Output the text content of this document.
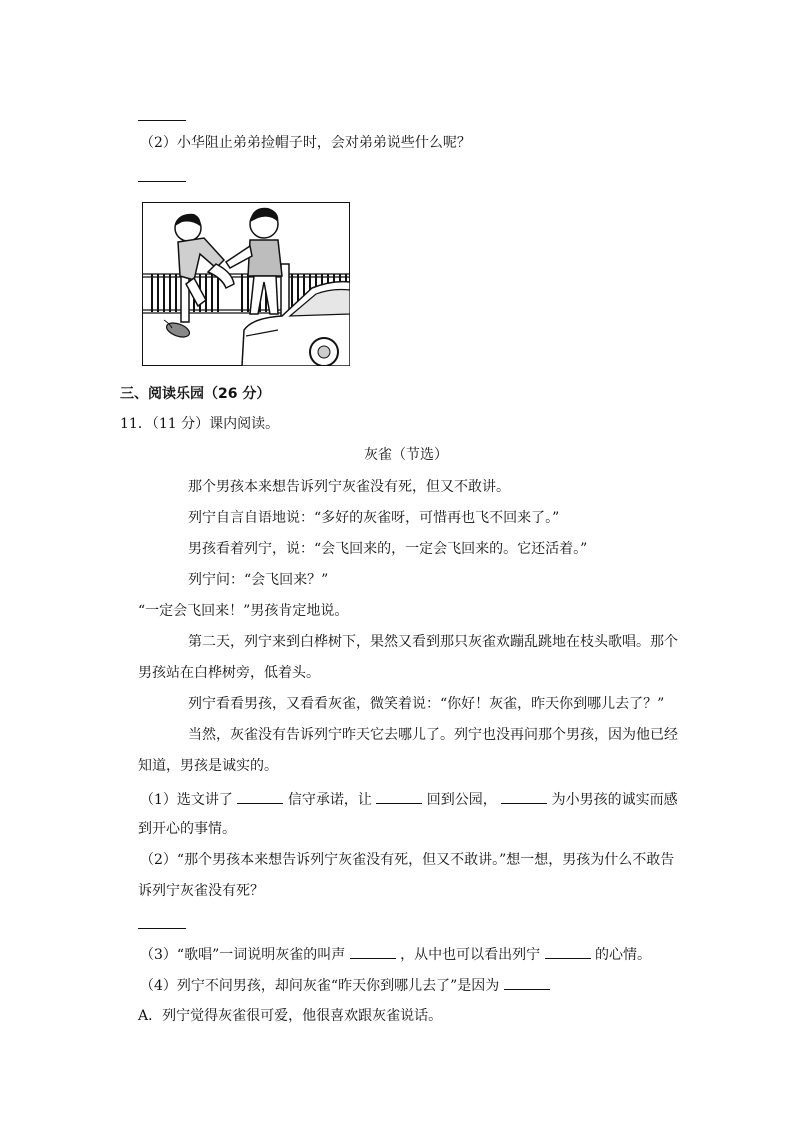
（2）小华阻止弟弟捡帽子时，会对弟弟说些什么呢？
三、阅读乐园（26 分）
11．（11 分）课内阅读。
灰雀（节选）
那个男孩本来想告诉列宁灰雀没有死，但又不敢讲。
列宁自言自语地说：“多好的灰雀呀，可惜再也飞不回来了。”
男孩看着列宁，说：“会飞回来的，一定会飞回来的。它还活着。”
列宁问：“会飞回来？”
“一定会飞回来！”男孩肯定地说。
第二天，列宁来到白桦树下，果然又看到那只灰雀欢蹦乱跳地在枝头歌唱。那个
男孩站在白桦树旁，低着头。
列宁看看男孩，又看看灰雀，微笑着说：“你好！灰雀，昨天你到哪儿去了？”
当然，灰雀没有告诉列宁昨天它去哪儿了。列宁也没再问那个男孩，因为他已经
知道，男孩是诚实的。
（1）选文讲了	信守承诺，让	回到公园，	为小男孩的诚实而感
到开心的事情。
（2）“那个男孩本来想告诉列宁灰雀没有死，但又不敢讲。”想一想，男孩为什么不敢告
诉列宁灰雀没有死？
（3）“歌唱”一词说明灰雀的叫声	，从中也可以看出列宁	的心情。
（4）列宁不问男孩，却问灰雀“昨天你到哪儿去了”是因为
A．列宁觉得灰雀很可爱，他很喜欢跟灰雀说话。
